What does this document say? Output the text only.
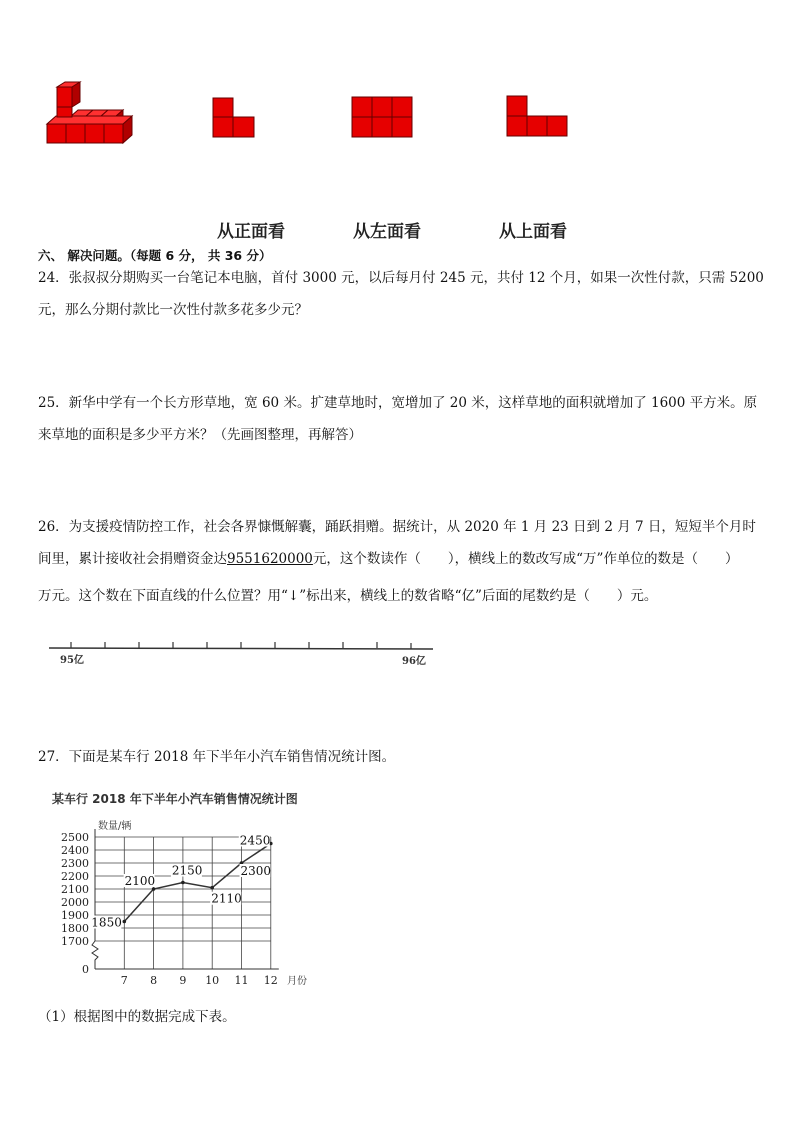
从正面看	从左面看	从上面看
六、 解决问题。（每题 6 分， 共 36 分）
24．张叔叔分期购买一台笔记本电脑，首付 3000 元，以后每月付 245 元，共付 12 个月，如果一次性付款，只需 5200
元，那么分期付款比一次性付款多花多少元？
25．新华中学有一个长方形草地，宽 60 米。扩建草地时，宽增加了 20 米，这样草地的面积就增加了 1600 平方米。原
来草地的面积是多少平方米？（先画图整理，再解答）
26．为支援疫情防控工作，社会各界慷慨解囊，踊跃捐赠。据统计，从 2020 年 1 月 23 日到 2 月 7 日，短短半个月时
间里，累计接收社会捐赠资金达9551620000元，这个数读作（　　），横线上的数改写成“万”作单位的数是（　　）
万元。这个数在下面直线的什么位置？用“↓”标出来，横线上的数省略“亿”后面的尾数约是（　　）元。
95亿	96亿
27．下面是某车行 2018 年下半年小汽车销售情况统计图。
某车行 2018 年下半年小汽车销售情况统计图
2500
2400
2300
2200
2100
2000
1900
1800
1700
0
7 8 9 10 11 12
1850
2100
2150
2110
2300
2450
数量/辆
月份
（1）根据图中的数据完成下表。
